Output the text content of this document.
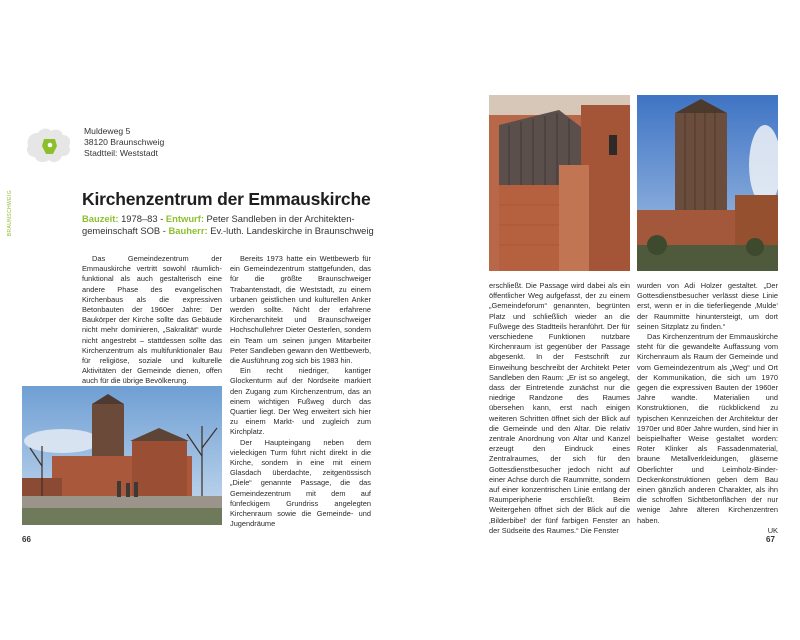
Muldeweg 5
38120 Braunschweig
Stadtteil: Weststadt
BRAUNSCHWEIG	Kirchenzentrum der Emmauskirche
Bauzeit: 1978–83 - Entwurf: Peter Sandleben in der Architekten-
gemeinschaft SOB - Bauherr: Ev.-luth. Landeskirche in Braunschweig

Das Gemeindezentrum der Emmauskirche vertritt sowohl räumlich-funktional als auch gestalterisch eine andere Phase des evangelischen Kirchenbaus als die expressiven Betonbauten der 1960er Jahre: Der Baukörper der Kirche sollte das Gebäude nicht mehr dominieren, „Sakralität“ wurde nicht angestrebt – stattdessen sollte das Kirchenzentrum als multifunktionaler Bau für religiöse, soziale und kulturelle Aktivitäten der Gemeinde dienen, offen auch für die übrige Bevölkerung.

Bereits 1973 hatte ein Wettbewerb für ein Gemeindezentrum stattgefunden, das für die größte Braunschweiger Trabantenstadt, die Weststadt, zu einem urbanen geistlichen und kulturellen Anker werden sollte. Nicht der erfahrene Kirchenarchitekt und Braunschweiger Hochschullehrer Dieter Oesterlen, sondern ein Team um seinen jungen Mitarbeiter Peter Sandleben gewann den Wettbewerb, die Ausführung zog sich bis 1983 hin.

Ein recht niedriger, kantiger Glockenturm auf der Nordseite markiert den Zugang zum Kirchenzentrum, das an einem wichtigen Fußweg durch das Quartier liegt. Der Weg erweitert sich hier zu einem Markt- und zugleich zum Kirchplatz.

Der Haupteingang neben dem vieleckigen Turm führt nicht direkt in die Kirche, sondern in eine mit einem Glasdach überdachte, zeitgenössisch „Diele“ genannte Passage, die das Gemeindezentrum mit dem auf fünfeckigem Grundriss angelegten Kirchenraum sowie die Gemeinde- und Jugendräume

66

erschließt. Die Passage wird dabei als ein öffentlicher Weg aufgefasst, der zu einem „Gemeindeforum“ genannten, begrünten Platz und schließlich wieder an die Fußwege des Stadtteils heranführt. Der für verschiedene Funktionen nutzbare Kirchenraum ist gegenüber der Passage abgesenkt. In der Festschrift zur Einweihung beschreibt der Architekt Peter Sandleben den Raum: „Er ist so angelegt, dass der Eintretende zunächst nur die niedrige Randzone des Raumes übersehen kann, erst nach einigen weiteren Schritten öffnet sich der Blick auf die Gemeinde und den Altar. Die relativ zentrale Anordnung von Altar und Kanzel erzeugt den Eindruck eines Zentralraumes, der sich für den Gottesdienstbesucher jedoch nicht auf einer Achse durch die Raummitte, sondern auf einer konzentrischen Linie entlang der Raumperipherie erschließt. Beim Weitergehen öffnet sich der Blick auf die ‚Bilderbibel‘ der fünf farbigen Fenster an der Südseite des Raumes.“ Die Fenster

wurden von Adi Holzer gestaltet. „Der Gottesdienstbesucher verlässt diese Linie erst, wenn er in die tieferliegende ‚Mulde‘ der Raummitte hinuntersteigt, um dort seinen Sitzplatz zu finden.“

Das Kirchenzentrum der Emmauskirche steht für die gewandelte Auffassung vom Kirchenraum als Raum der Gemeinde und vom Gemeindezentrum als „Weg“ und Ort der Kommunikation, die sich um 1970 gegen die expressiven Bauten der 1960er Jahre wandte. Materialien und Konstruktionen, die rückblickend zu typischen Kennzeichen der Architektur der 1970er und 80er Jahre wurden, sind hier in beispielhafter Weise gestaltet worden: Roter Klinker als Fassadenmaterial, braune Metallverkleidungen, gläserne Oberlichter und Leimholz-Binder-Deckenkonstruktionen geben dem Bau einen gänzlich anderen Charakter, als ihn die schroffen Sichtbetonflächen der nur wenige Jahre älteren Kirchenzentren haben.

UK
67
